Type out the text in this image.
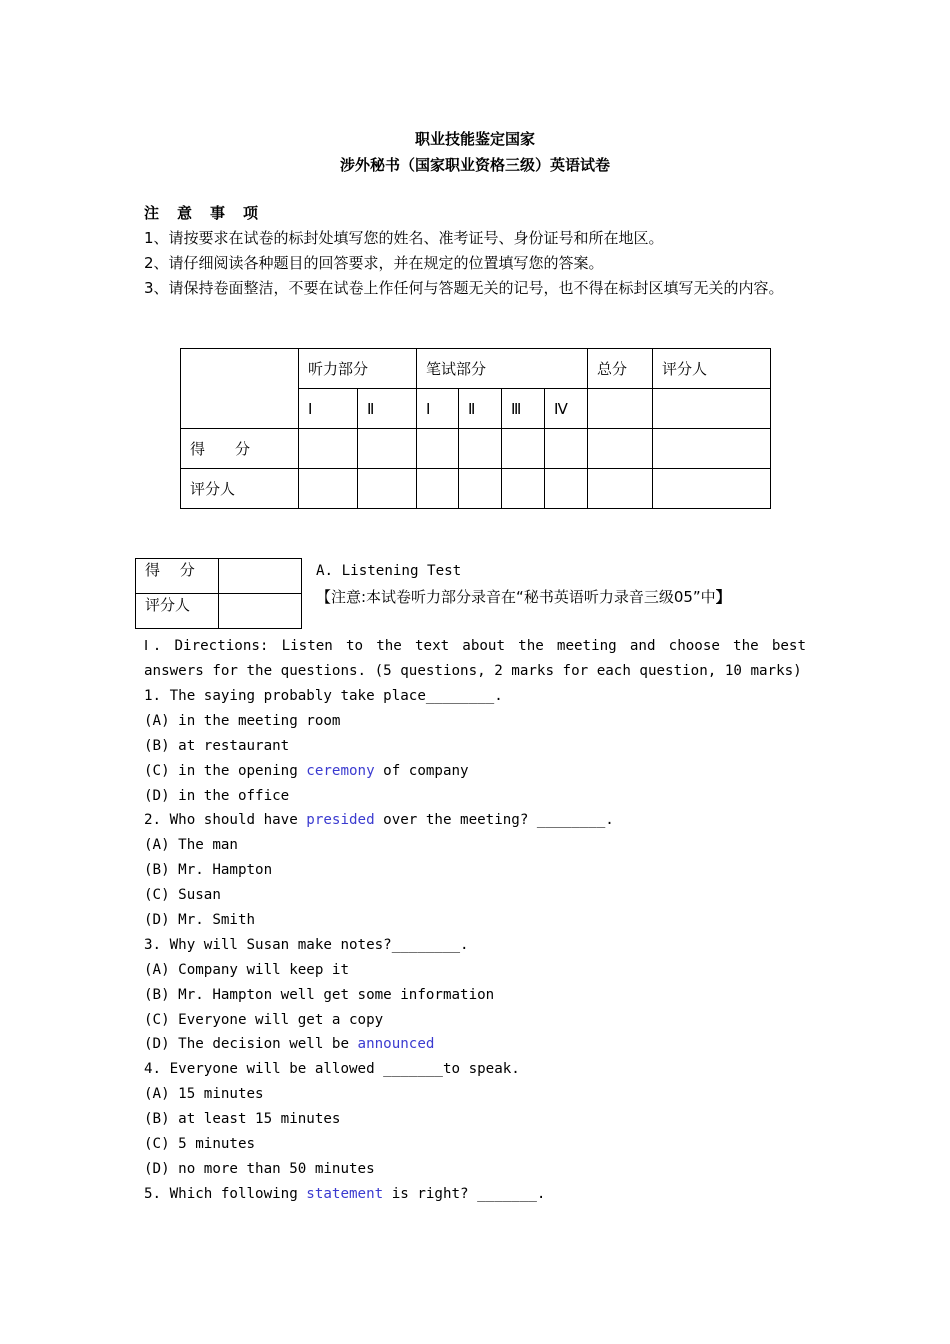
职业技能鉴定国家
涉外秘书（国家职业资格三级）英语试卷
注意事项
1、请按要求在试卷的标封处填写您的姓名、准考证号、身份证号和所在地区。
2、请仔细阅读各种题目的回答要求，并在规定的位置填写您的答案。
3、请保持卷面整洁，不要在试卷上作任何与答题无关的记号，也不得在标封区填写无关的内容。
	听力部分		笔试部分				总分	评分人
	Ⅰ	Ⅱ	Ⅰ	Ⅱ	Ⅲ	Ⅳ		
得　　分								
评分人								
得　 分	
评分人	
A. Listening Test
【注意:本试卷听力部分录音在“秘书英语听力录音三级05”中】
Ⅰ. Directions: Listen to the text about the meeting and choose the best
answers for the questions. (5 questions, 2 marks for each question, 10 marks)
1. The saying probably take place________.
(A) in the meeting room
(B) at restaurant
(C) in the opening ceremony of company
(D) in the office
2. Who should have presided over the meeting? ________.
(A) The man
(B) Mr. Hampton
(C) Susan
(D) Mr. Smith
3. Why will Susan make notes?________.
(A) Company will keep it
(B) Mr. Hampton well get some information
(C) Everyone will get a copy
(D) The decision well be announced
4. Everyone will be allowed _______to speak.
(A) 15 minutes
(B) at least 15 minutes
(C) 5 minutes
(D) no more than 50 minutes
5. Which following statement is right? _______.
